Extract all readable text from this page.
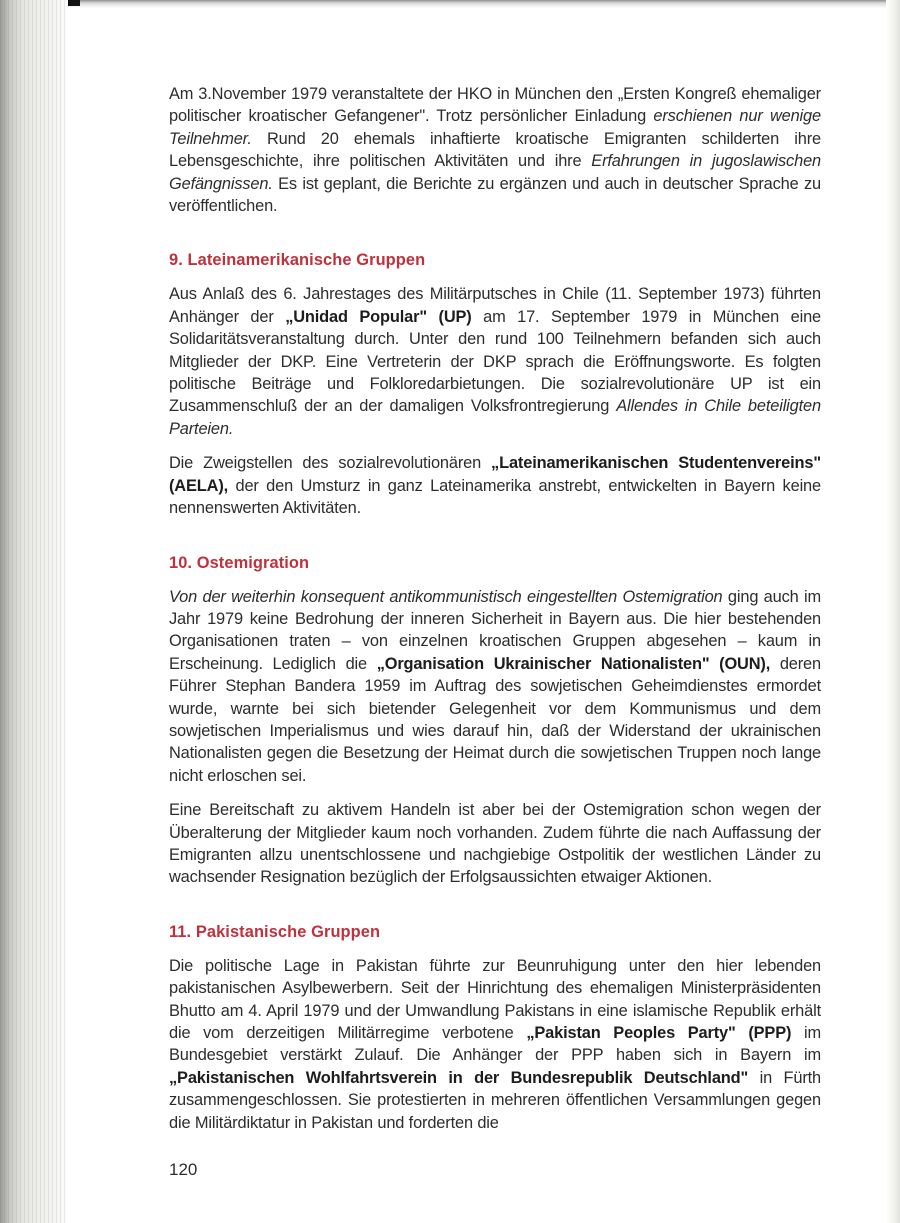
Am 3.November 1979 veranstaltete der HKO in München den „Ersten Kongreß ehemaliger politischer kroatischer Gefangener". Trotz persönlicher Einladung erschienen nur wenige Teilnehmer. Rund 20 ehemals inhaftierte kroatische Emigranten schilderten ihre Lebensgeschichte, ihre politischen Aktivitäten und ihre Erfahrungen in jugoslawischen Gefängnissen. Es ist geplant, die Berichte zu ergänzen und auch in deutscher Sprache zu veröffentlichen.

9. Lateinamerikanische Gruppen

Aus Anlaß des 6. Jahrestages des Militärputsches in Chile (11. September 1973) führten Anhänger der „Unidad Popular" (UP) am 17. September 1979 in München eine Solidaritätsveranstaltung durch. Unter den rund 100 Teilnehmern befanden sich auch Mitglieder der DKP. Eine Vertreterin der DKP sprach die Eröffnungsworte. Es folgten politische Beiträge und Folkloredarbietungen. Die sozialrevolutionäre UP ist ein Zusammenschluß der an der damaligen Volksfrontregierung Allendes in Chile beteiligten Parteien.

Die Zweigstellen des sozialrevolutionären „Lateinamerikanischen Studentenvereins" (AELA), der den Umsturz in ganz Lateinamerika anstrebt, entwickelten in Bayern keine nennenswerten Aktivitäten.

10. Ostemigration

Von der weiterhin konsequent antikommunistisch eingestellten Ostemigration ging auch im Jahr 1979 keine Bedrohung der inneren Sicherheit in Bayern aus. Die hier bestehenden Organisationen traten – von einzelnen kroatischen Gruppen abgesehen – kaum in Erscheinung. Lediglich die „Organisation Ukrainischer Nationalisten" (OUN), deren Führer Stephan Bandera 1959 im Auftrag des sowjetischen Geheimdienstes ermordet wurde, warnte bei sich bietender Gelegenheit vor dem Kommunismus und dem sowjetischen Imperialismus und wies darauf hin, daß der Widerstand der ukrainischen Nationalisten gegen die Besetzung der Heimat durch die sowjetischen Truppen noch lange nicht erloschen sei.

Eine Bereitschaft zu aktivem Handeln ist aber bei der Ostemigration schon wegen der Überalterung der Mitglieder kaum noch vorhanden. Zudem führte die nach Auffassung der Emigranten allzu unentschlossene und nachgiebige Ostpolitik der westlichen Länder zu wachsender Resignation bezüglich der Erfolgsaussichten etwaiger Aktionen.

11. Pakistanische Gruppen

Die politische Lage in Pakistan führte zur Beunruhigung unter den hier lebenden pakistanischen Asylbewerbern. Seit der Hinrichtung des ehemaligen Ministerpräsidenten Bhutto am 4. April 1979 und der Umwandlung Pakistans in eine islamische Republik erhält die vom derzeitigen Militärregime verbotene „Pakistan Peoples Party" (PPP) im Bundesgebiet verstärkt Zulauf. Die Anhänger der PPP haben sich in Bayern im „Pakistanischen Wohlfahrtsverein in der Bundesrepublik Deutschland" in Fürth zusammengeschlossen. Sie protestierten in mehreren öffentlichen Versammlungen gegen die Militärdiktatur in Pakistan und forderten die

120
